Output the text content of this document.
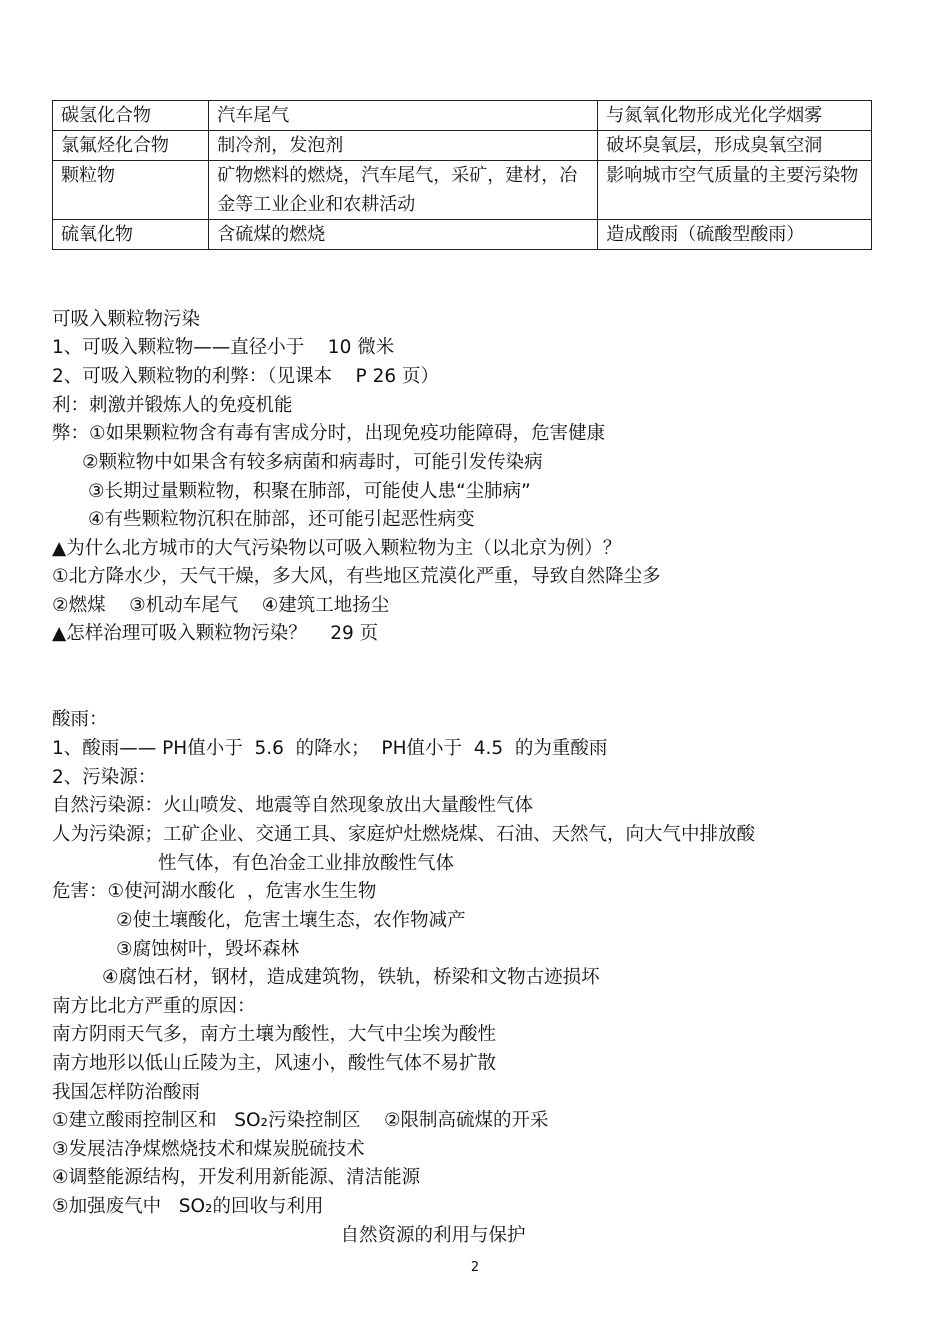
碳氢化合物	汽车尾气	与氮氧化物形成光化学烟雾
氯氟烃化合物	制冷剂，发泡剂	破坏臭氧层，形成臭氧空洞
颗粒物	矿物燃料的燃烧，汽车尾气，采矿，建材，冶金等工业企业和农耕活动	影响城市空气质量的主要污染物
硫氧化物	含硫煤的燃烧	造成酸雨（硫酸型酸雨）
可吸入颗粒物污染
1、可吸入颗粒物——直径小于    10 微米
2、可吸入颗粒物的利弊：（见课本    P 26 页）
利：刺激并锻炼人的免疫机能
弊：①如果颗粒物含有毒有害成分时，出现免疫功能障碍，危害健康
②颗粒物中如果含有较多病菌和病毒时，可能引发传染病
③长期过量颗粒物，积聚在肺部，可能使人患“尘肺病”
④有些颗粒物沉积在肺部，还可能引起恶性病变
▲为什么北方城市的大气污染物以可吸入颗粒物为主（以北京为例）？
①北方降水少，天气干燥，多大风，有些地区荒漠化严重，导致自然降尘多
②燃煤    ③机动车尾气    ④建筑工地扬尘
▲怎样治理可吸入颗粒物污染？    29 页
酸雨：
1、酸雨—— PH值小于  5.6  的降水；  PH值小于  4.5  的为重酸雨
2、污染源：
自然污染源：火山喷发、地震等自然现象放出大量酸性气体
人为污染源；工矿企业、交通工具、家庭炉灶燃烧煤、石油、天然气，向大气中排放酸
性气体，有色冶金工业排放酸性气体
危害：①使河湖水酸化  ，危害水生生物
②使土壤酸化，危害土壤生态，农作物减产
③腐蚀树叶，毁坏森林
④腐蚀石材，钢材，造成建筑物，铁轨，桥梁和文物古迹损坏
南方比北方严重的原因：
南方阴雨天气多，南方土壤为酸性，大气中尘埃为酸性
南方地形以低山丘陵为主，风速小，酸性气体不易扩散
我国怎样防治酸雨
①建立酸雨控制区和   SO₂污染控制区    ②限制高硫煤的开采
③发展洁净煤燃烧技术和煤炭脱硫技术
④调整能源结构，开发利用新能源、清洁能源
⑤加强废气中   SO₂的回收与利用
自然资源的利用与保护
2
